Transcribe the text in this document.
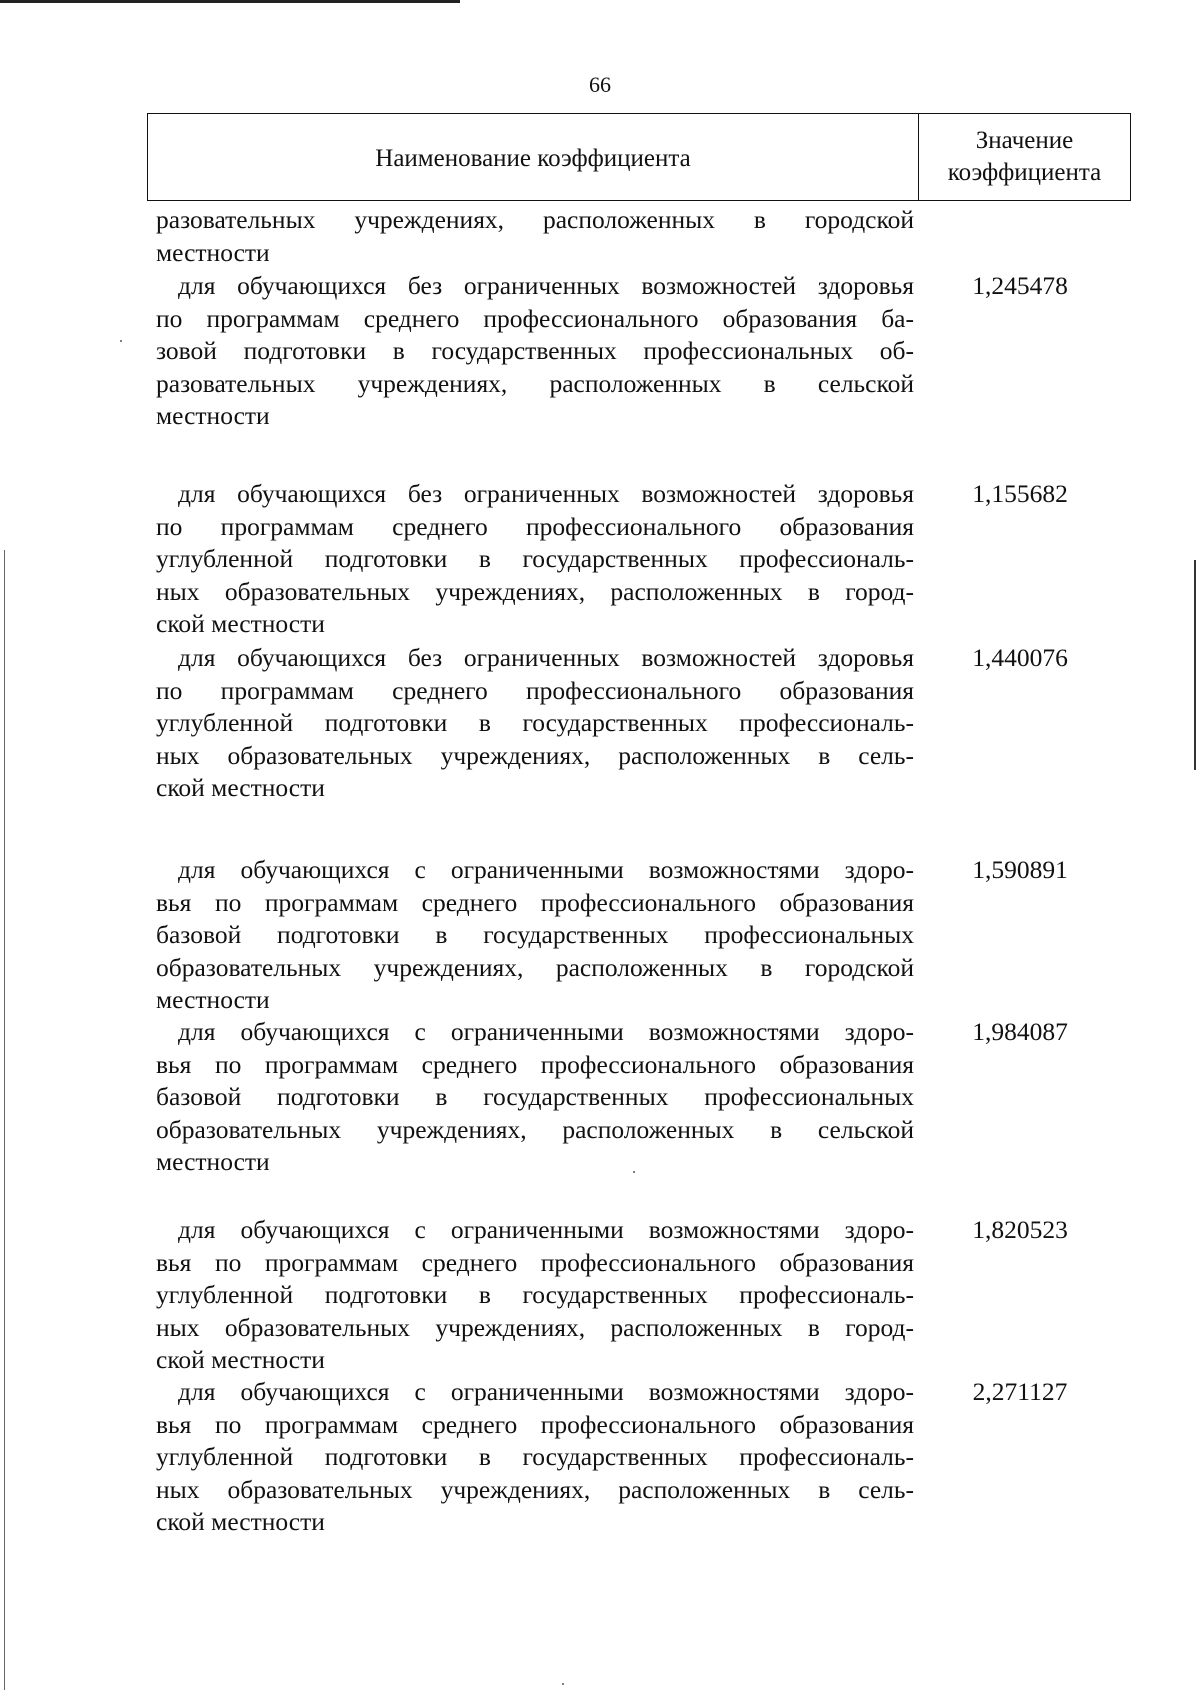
66
Наименование коэффициента
Значение
коэффициента
разовательных учреждениях, расположенных в городской
местности
для обучающихся без ограниченных возможностей здоровья
по программам среднего профессионального образования ба-
зовой подготовки в государственных профессиональных об-
разовательных учреждениях, расположенных в сельской
местности
1,245478
для обучающихся без ограниченных возможностей здоровья
по программам среднего профессионального образования
углубленной подготовки в государственных профессиональ-
ных образовательных учреждениях, расположенных в город-
ской местности
1,155682
для обучающихся без ограниченных возможностей здоровья
по программам среднего профессионального образования
углубленной подготовки в государственных профессиональ-
ных образовательных учреждениях, расположенных в сель-
ской местности
1,440076
для обучающихся с ограниченными возможностями здоро-
вья по программам среднего профессионального образования
базовой подготовки в государственных профессиональных
образовательных учреждениях, расположенных в городской
местности
1,590891
для обучающихся с ограниченными возможностями здоро-
вья по программам среднего профессионального образования
базовой подготовки в государственных профессиональных
образовательных учреждениях, расположенных в сельской
местности
1,984087
для обучающихся с ограниченными возможностями здоро-
вья по программам среднего профессионального образования
углубленной подготовки в государственных профессиональ-
ных образовательных учреждениях, расположенных в город-
ской местности
1,820523
для обучающихся с ограниченными возможностями здоро-
вья по программам среднего профессионального образования
углубленной подготовки в государственных профессиональ-
ных образовательных учреждениях, расположенных в сель-
ской местности
2,271127
